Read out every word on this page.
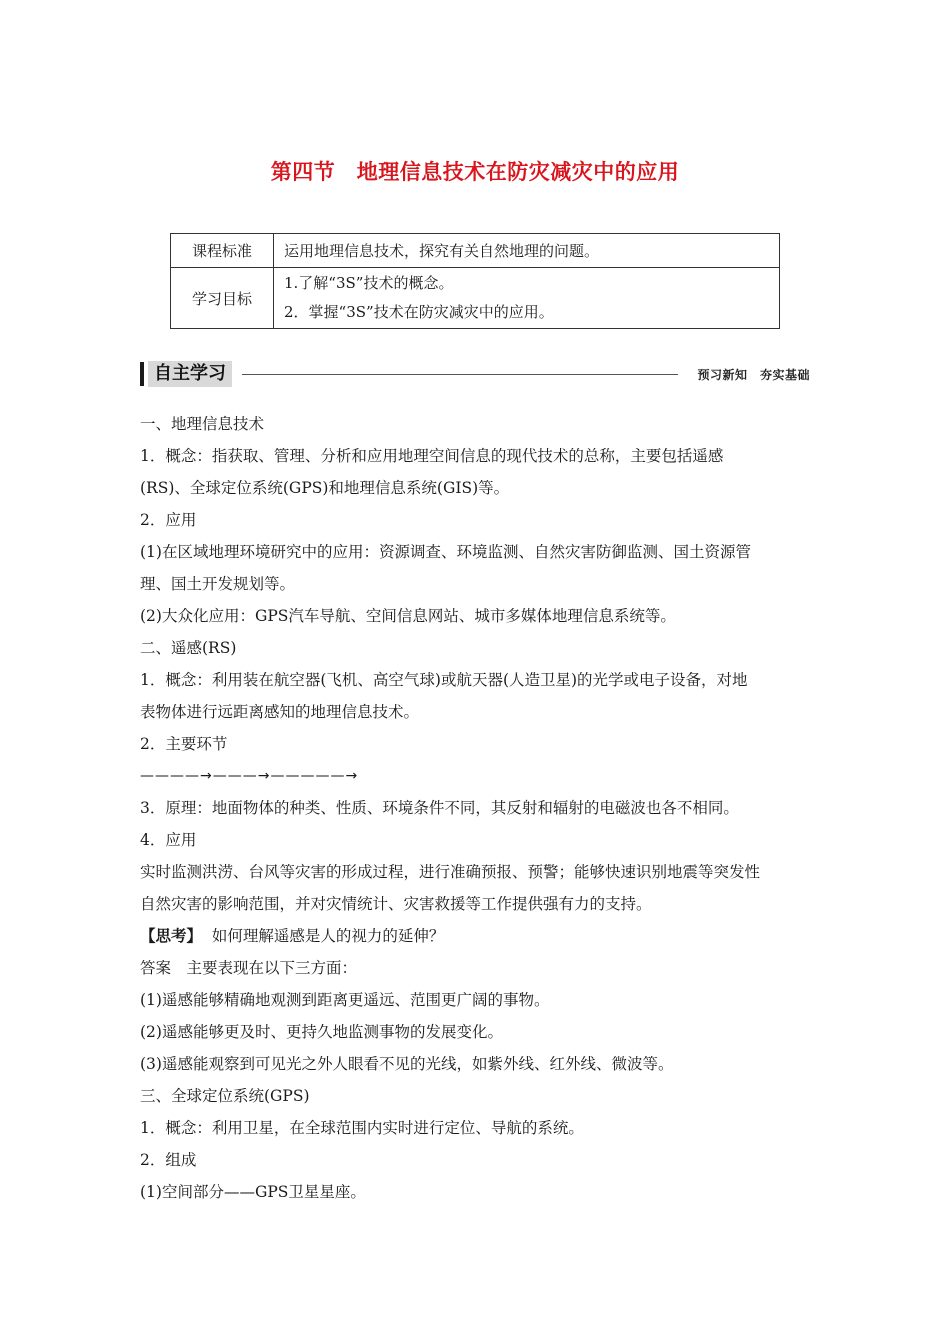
第四节　地理信息技术在防灾减灾中的应用
课程标准	运用地理信息技术，探究有关自然地理的问题。
学习目标	1.了解“3S”技术的概念。
2．掌握“3S”技术在防灾减灾中的应用。
自主学习	预习新知　夯实基础
一、地理信息技术
1．概念：指获取、管理、分析和应用地理空间信息的现代技术的总称，主要包括遥感
(RS)、全球定位系统(GPS)和地理信息系统(GIS)等。
2．应用
(1)在区域地理环境研究中的应用：资源调查、环境监测、自然灾害防御监测、国土资源管
理、国土开发规划等。
(2)大众化应用：GPS汽车导航、空间信息网站、城市多媒体地理信息系统等。
二、遥感(RS)
1．概念：利用装在航空器(飞机、高空气球)或航天器(人造卫星)的光学或电子设备，对地
表物体进行远距离感知的地理信息技术。
2．主要环节
————→———→—————→
3．原理：地面物体的种类、性质、环境条件不同，其反射和辐射的电磁波也各不相同。
4．应用
实时监测洪涝、台风等灾害的形成过程，进行准确预报、预警；能够快速识别地震等突发性
自然灾害的影响范围，并对灾情统计、灾害救援等工作提供强有力的支持。
【思考】 如何理解遥感是人的视力的延伸？
答案　主要表现在以下三方面：
(1)遥感能够精确地观测到距离更遥远、范围更广阔的事物。
(2)遥感能够更及时、更持久地监测事物的发展变化。
(3)遥感能观察到可见光之外人眼看不见的光线，如紫外线、红外线、微波等。
三、全球定位系统(GPS)
1．概念：利用卫星，在全球范围内实时进行定位、导航的系统。
2．组成
(1)空间部分——GPS卫星星座。
